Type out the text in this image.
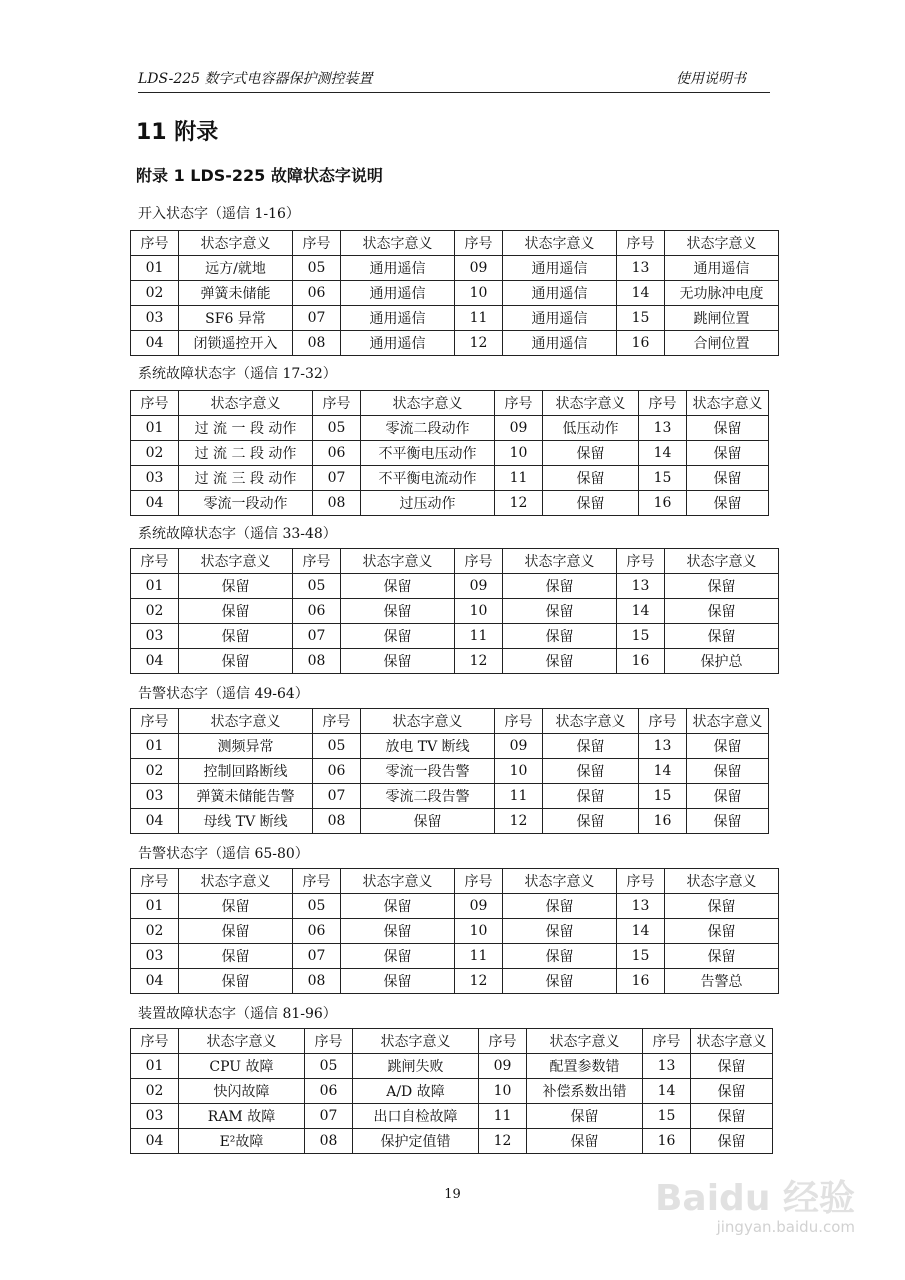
LDS-225 数字式电容器保护测控装置	使用说明书
11 附录
附录 1 LDS-225 故障状态字说明
开入状态字（遥信 1-16）
序号	状态字意义	序号	状态字意义	序号	状态字意义	序号	状态字意义
01	远方/就地	05	通用遥信	09	通用遥信	13	通用遥信
02	弹簧未储能	06	通用遥信	10	通用遥信	14	无功脉冲电度
03	SF6 异常	07	通用遥信	11	通用遥信	15	跳闸位置
04	闭锁遥控开入	08	通用遥信	12	通用遥信	16	合闸位置
系统故障状态字（遥信 17-32）
序号	状态字意义	序号	状态字意义	序号	状态字意义	序号	状态字意义
01	过 流 一 段 动作	05	零流二段动作	09	低压动作	13	保留
02	过 流 二 段 动作	06	不平衡电压动作	10	保留	14	保留
03	过 流 三 段 动作	07	不平衡电流动作	11	保留	15	保留
04	零流一段动作	08	过压动作	12	保留	16	保留
系统故障状态字（遥信 33-48）
序号	状态字意义	序号	状态字意义	序号	状态字意义	序号	状态字意义
01	保留	05	保留	09	保留	13	保留
02	保留	06	保留	10	保留	14	保留
03	保留	07	保留	11	保留	15	保留
04	保留	08	保留	12	保留	16	保护总
告警状态字（遥信 49-64）
序号	状态字意义	序号	状态字意义	序号	状态字意义	序号	状态字意义
01	测频异常	05	放电 TV 断线	09	保留	13	保留
02	控制回路断线	06	零流一段告警	10	保留	14	保留
03	弹簧未储能告警	07	零流二段告警	11	保留	15	保留
04	母线 TV 断线	08	保留	12	保留	16	保留
告警状态字（遥信 65-80）
序号	状态字意义	序号	状态字意义	序号	状态字意义	序号	状态字意义
01	保留	05	保留	09	保留	13	保留
02	保留	06	保留	10	保留	14	保留
03	保留	07	保留	11	保留	15	保留
04	保留	08	保留	12	保留	16	告警总
装置故障状态字（遥信 81-96）
序号	状态字意义	序号	状态字意义	序号	状态字意义	序号	状态字意义
01	CPU 故障	05	跳闸失败	09	配置参数错	13	保留
02	快闪故障	06	A/D 故障	10	补偿系数出错	14	保留
03	RAM 故障	07	出口自检故障	11	保留	15	保留
04	E²故障	08	保护定值错	12	保留	16	保留
19	Baidu 经验
jingyan.baidu.com
